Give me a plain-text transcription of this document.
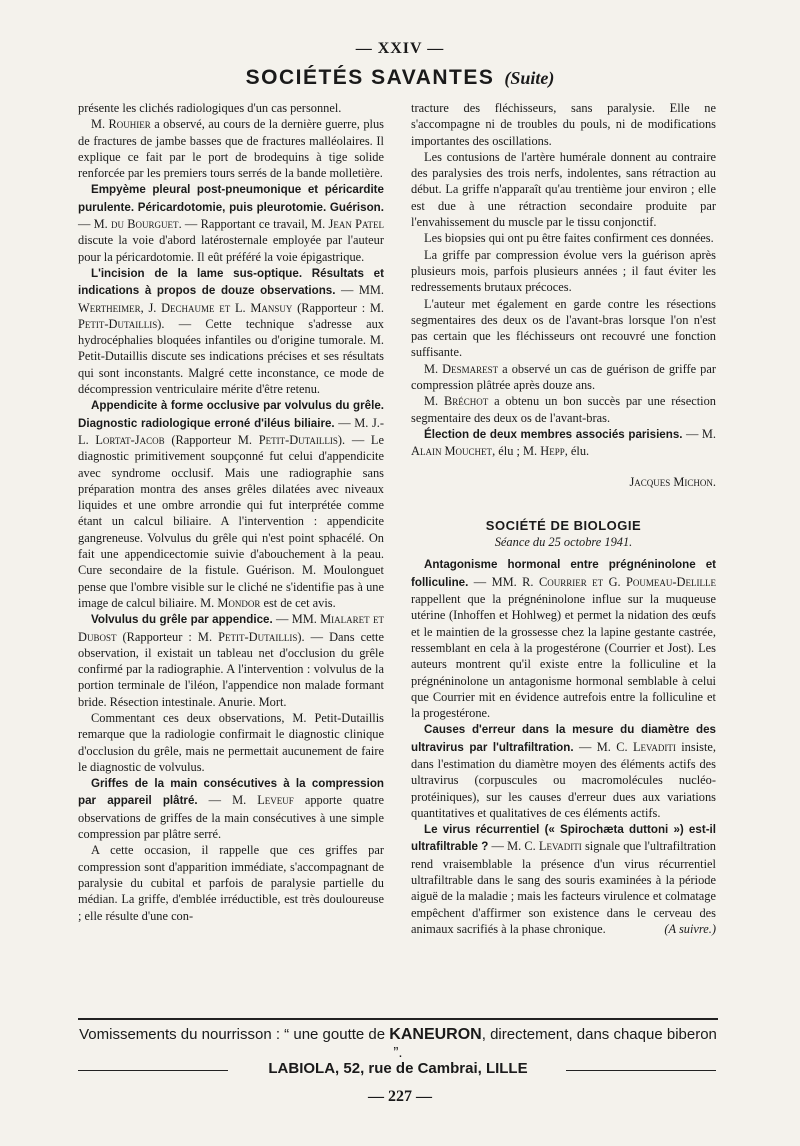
— XXIV —
SOCIÉTÉS SAVANTES (Suite)

présente les clichés radiologiques d'un cas personnel.

M. Rouhier a observé, au cours de la dernière guerre, plus de fractures de jambe basses que de fractures malléolaires. Il explique ce fait par le port de brodequins à tige solide renforcée par les premiers tours serrés de la bande molletière.

Empyème pleural post-pneumonique et péricardite purulente. Péricardotomie, puis pleurotomie. Guérison. — M. du Bourguet. — Rapportant ce travail, M. Jean Patel discute la voie d'abord latérosternale employée par l'auteur pour la péricardotomie. Il eût préféré la voie épigastrique.

L'incision de la lame sus-optique. Résultats et indications à propos de douze observations. — MM. Wertheimer, J. Dechaume et L. Mansuy (Rapporteur : M. Petit-Dutaillis). — Cette technique s'adresse aux hydrocéphalies bloquées infantiles ou d'origine tumorale. M. Petit-Dutaillis discute ses indications précises et ses résultats qui sont inconstants. Malgré cette inconstance, ce mode de décompression ventriculaire mérite d'être retenu.

Appendicite à forme occlusive par volvulus du grêle. Diagnostic radiologique erroné d'iléus biliaire. — M. J.-L. Lortat-Jacob (Rapporteur M. Petit-Dutaillis). — Le diagnostic primitivement soupçonné fut celui d'appendicite avec syndrome occlusif. Mais une radiographie sans préparation montra des anses grêles dilatées avec niveaux liquides et une ombre arrondie qui fut interprétée comme étant un calcul biliaire. A l'intervention : appendicite gangreneuse. Volvulus du grêle qui n'est point sphacélé. On fait une appendicectomie suivie d'abouchement à la peau. Cure secondaire de la fistule. Guérison. M. Moulonguet pense que l'ombre visible sur le cliché ne s'identifie pas à une image de calcul biliaire. M. Mondor est de cet avis.

Volvulus du grêle par appendice. — MM. Mialaret et Dubost (Rapporteur : M. Petit-Dutaillis). — Dans cette observation, il existait un tableau net d'occlusion du grêle confirmé par la radiographie. A l'intervention : volvulus de la portion terminale de l'iléon, l'appendice non malade formant bride. Résection intestinale. Anurie. Mort.

Commentant ces deux observations, M. Petit-Dutaillis remarque que la radiologie confirmait le diagnostic clinique d'occlusion du grêle, mais ne permettait aucunement de faire le diagnostic de volvulus.

Griffes de la main consécutives à la compression par appareil plâtré. — M. Leveuf apporte quatre observations de griffes de la main consécutives à une simple compression par plâtre serré.

A cette occasion, il rappelle que ces griffes par compression sont d'apparition immédiate, s'accompagnant de paralysie du cubital et parfois de paralysie partielle du médian. La griffe, d'emblée irréductible, est très douloureuse ; elle résulte d'une con-

tracture des fléchisseurs, sans paralysie. Elle ne s'accompagne ni de troubles du pouls, ni de modifications importantes des oscillations.

Les contusions de l'artère humérale donnent au contraire des paralysies des trois nerfs, indolentes, sans rétraction au début. La griffe n'apparaît qu'au trentième jour environ ; elle est due à une rétraction secondaire produite par l'envahissement du muscle par le tissu conjonctif.

Les biopsies qui ont pu être faites confirment ces données.

La griffe par compression évolue vers la guérison après plusieurs mois, parfois plusieurs années ; il faut éviter les redressements brutaux précoces.

L'auteur met également en garde contre les résections segmentaires des deux os de l'avant-bras lorsque l'on n'est pas certain que les fléchisseurs ont recouvré une fonction suffisante.

M. Desmarest a observé un cas de guérison de griffe par compression plâtrée après douze ans.

M. Bréchot a obtenu un bon succès par une résection segmentaire des deux os de l'avant-bras.

Élection de deux membres associés parisiens. — M. Alain Mouchet, élu ; M. Hepp, élu.

Jacques Michon.

SOCIÉTÉ DE BIOLOGIE

Séance du 25 octobre 1941.

Antagonisme hormonal entre prégnéninolone et folliculine. — MM. R. Courrier et G. Poumeau-Delille rappellent que la prégnéninolone influe sur la muqueuse utérine (Inhoffen et Hohlweg) et permet la nidation des œufs et le maintien de la grossesse chez la lapine gestante castrée, ressemblant en cela à la progestérone (Courrier et Jost). Les auteurs montrent qu'il existe entre la folliculine et la prégnéninolone un antagonisme hormonal semblable à celui que Courrier mit en évidence autrefois entre la folliculine et la progestérone.

Causes d'erreur dans la mesure du diamètre des ultravirus par l'ultrafiltration. — M. C. Levaditi insiste, dans l'estimation du diamètre moyen des éléments actifs des ultravirus (corpuscules ou macromolécules nucléo-protéiniques), sur les causes d'erreur dues aux variations quantitatives et qualitatives de ces éléments actifs.

Le virus récurrentiel (« Spirochæta duttoni ») est-il ultrafiltrable ? — M. C. Levaditi signale que l'ultrafiltration rend vraisemblable la présence d'un virus récurrentiel ultrafiltrable dans le sang des souris examinées à la période aiguë de la maladie ; mais les facteurs virulence et colmatage empêchent d'affirmer son existence dans le cerveau des animaux sacrifiés à la phase chronique.	(A suivre.)

Vomissements du nourrisson : “ une goutte de KANEURON, directement, dans chaque biberon ”.
LABIOLA, 52, rue de Cambrai, LILLE
— 227 —
